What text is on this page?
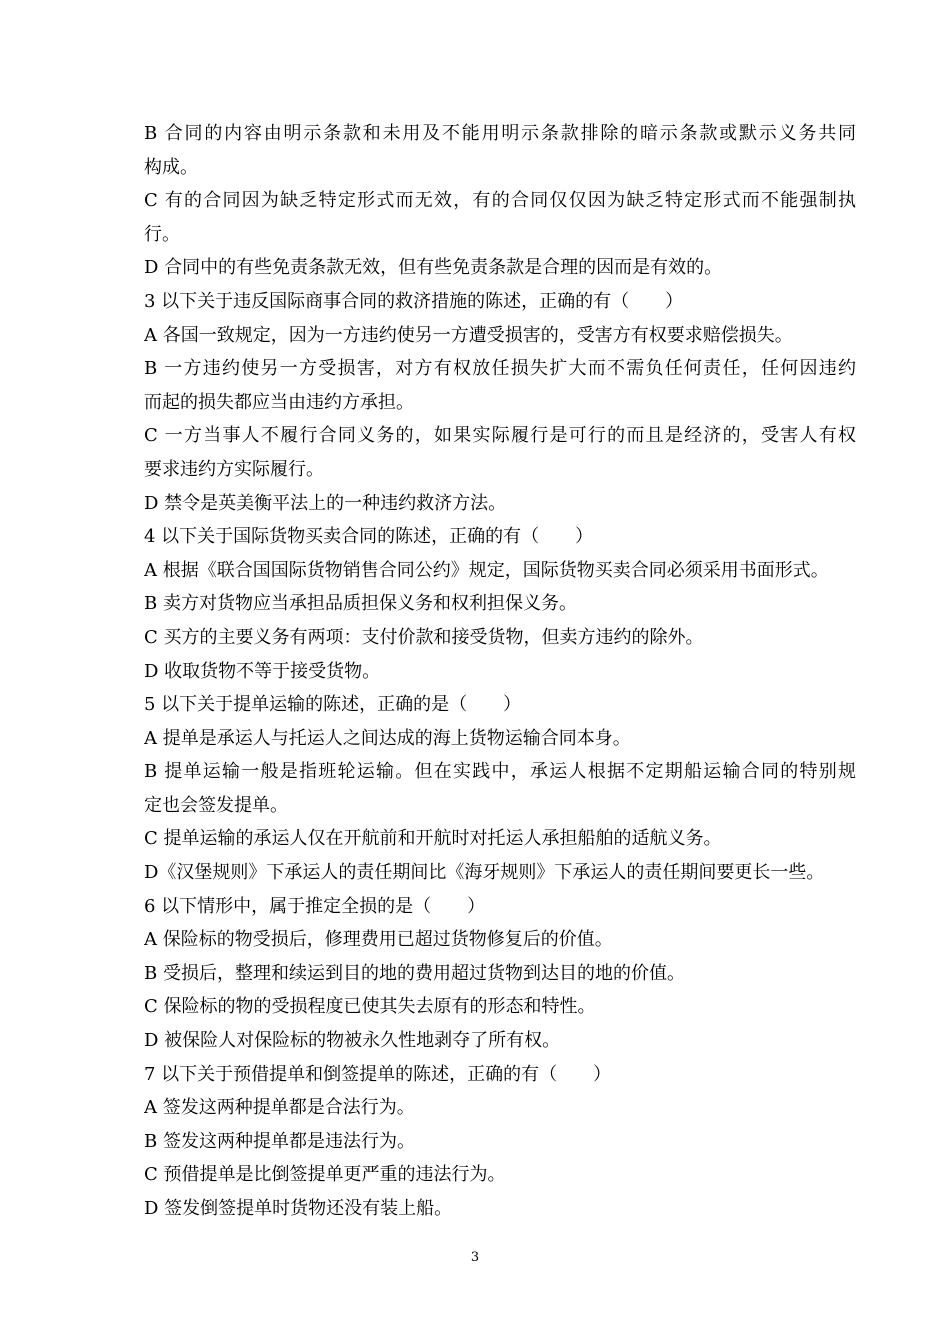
B 合同的内容由明示条款和未用及不能用明示条款排除的暗示条款或默示义务共同
构成。
C 有的合同因为缺乏特定形式而无效，有的合同仅仅因为缺乏特定形式而不能强制执
行。
D 合同中的有些免责条款无效，但有些免责条款是合理的因而是有效的。
3 以下关于违反国际商事合同的救济措施的陈述，正确的有（　　）
A 各国一致规定，因为一方违约使另一方遭受损害的，受害方有权要求赔偿损失。
B 一方违约使另一方受损害，对方有权放任损失扩大而不需负任何责任，任何因违约
而起的损失都应当由违约方承担。
C 一方当事人不履行合同义务的，如果实际履行是可行的而且是经济的，受害人有权
要求违约方实际履行。
D 禁令是英美衡平法上的一种违约救济方法。
4 以下关于国际货物买卖合同的陈述，正确的有（　　）
A 根据《联合国国际货物销售合同公约》规定，国际货物买卖合同必须采用书面形式。
B 卖方对货物应当承担品质担保义务和权利担保义务。
C 买方的主要义务有两项：支付价款和接受货物，但卖方违约的除外。
D 收取货物不等于接受货物。
5 以下关于提单运输的陈述，正确的是（　　）
A 提单是承运人与托运人之间达成的海上货物运输合同本身。
B 提单运输一般是指班轮运输。但在实践中，承运人根据不定期船运输合同的特别规
定也会签发提单。
C 提单运输的承运人仅在开航前和开航时对托运人承担船舶的适航义务。
D《汉堡规则》下承运人的责任期间比《海牙规则》下承运人的责任期间要更长一些。
6 以下情形中，属于推定全损的是（　　）
A 保险标的物受损后，修理费用已超过货物修复后的价值。
B 受损后，整理和续运到目的地的费用超过货物到达目的地的价值。
C 保险标的物的受损程度已使其失去原有的形态和特性。
D 被保险人对保险标的物被永久性地剥夺了所有权。
7 以下关于预借提单和倒签提单的陈述，正确的有（　　）
A 签发这两种提单都是合法行为。
B 签发这两种提单都是违法行为。
C 预借提单是比倒签提单更严重的违法行为。
D 签发倒签提单时货物还没有装上船。
3
